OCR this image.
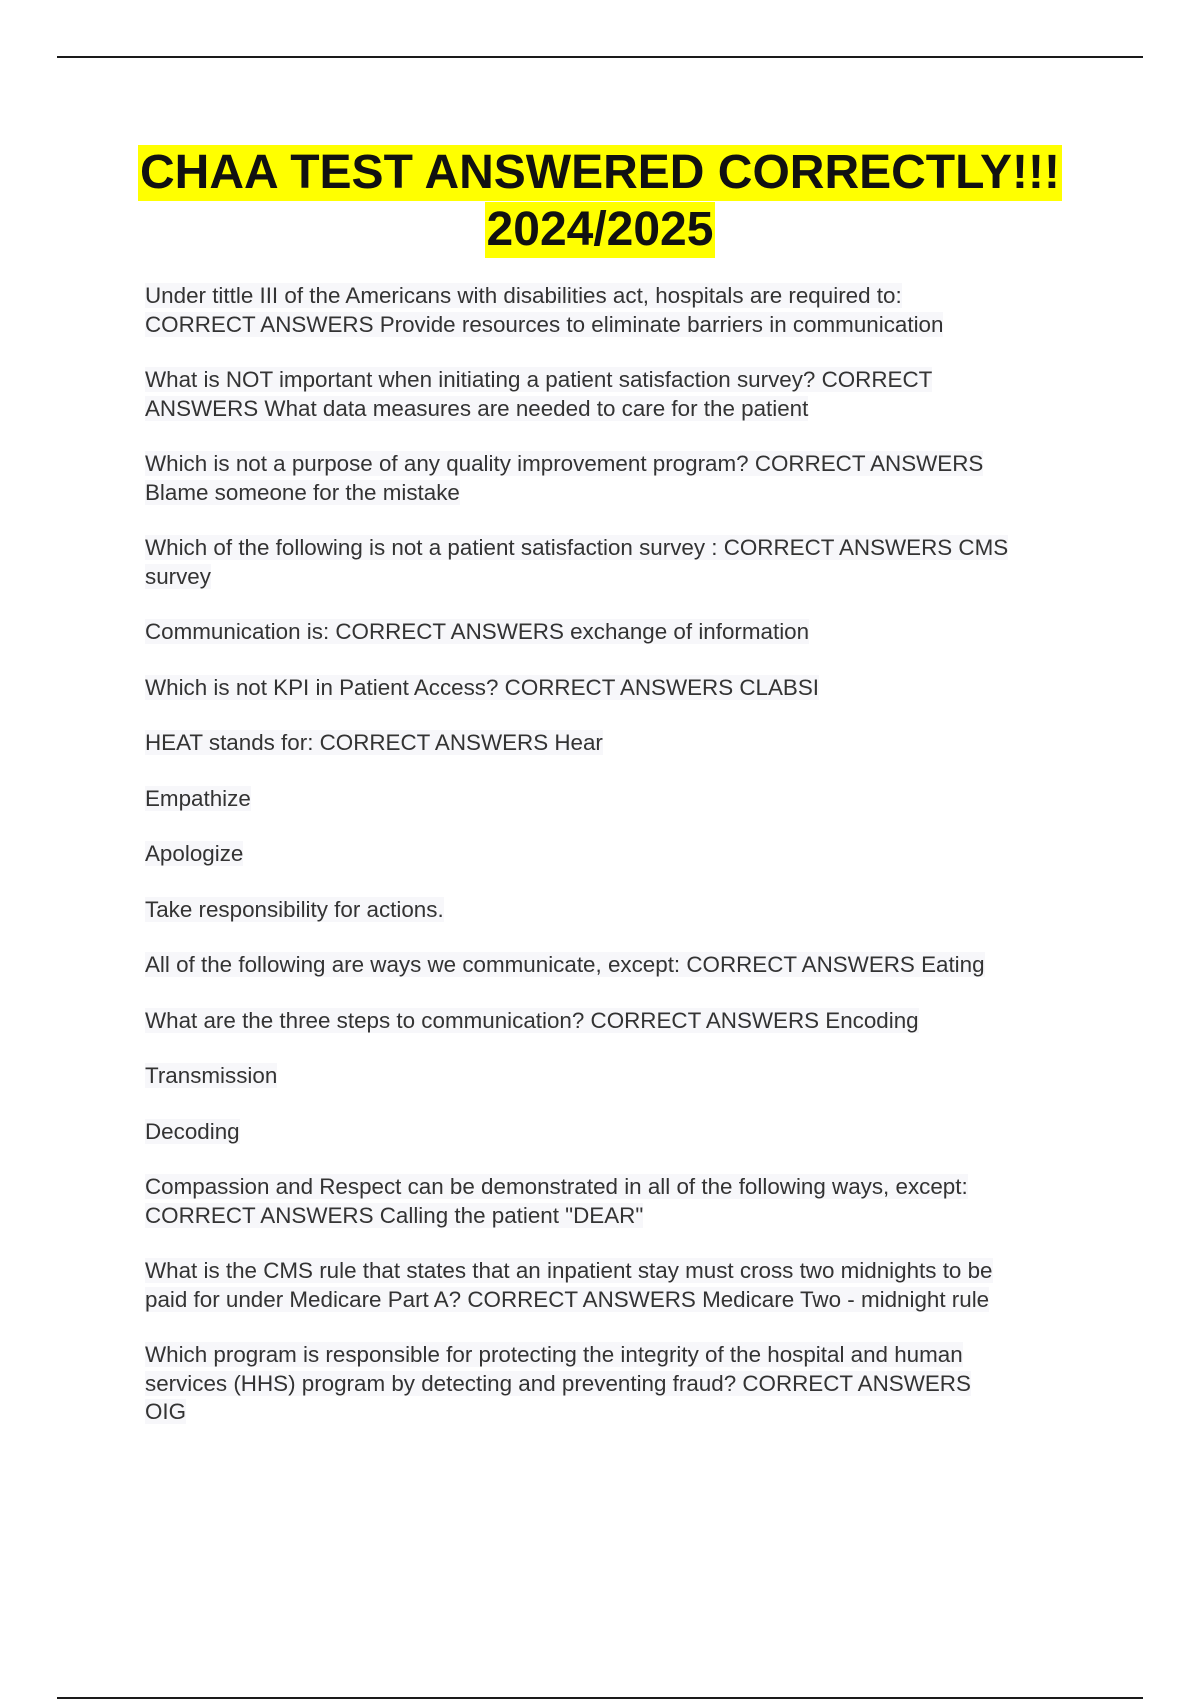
CHAA TEST ANSWERED CORRECTLY!!!
2024/2025
Under tittle III of the Americans with disabilities act, hospitals are required to:
CORRECT ANSWERS Provide resources to eliminate barriers in communication
What is NOT important when initiating a patient satisfaction survey? CORRECT
ANSWERS What data measures are needed to care for the patient
Which is not a purpose of any quality improvement program? CORRECT ANSWERS
Blame someone for the mistake
Which of the following is not a patient satisfaction survey : CORRECT ANSWERS CMS
survey
Communication is: CORRECT ANSWERS exchange of information
Which is not KPI in Patient Access? CORRECT ANSWERS CLABSI
HEAT stands for: CORRECT ANSWERS Hear
Empathize
Apologize
Take responsibility for actions.
All of the following are ways we communicate, except: CORRECT ANSWERS Eating
What are the three steps to communication? CORRECT ANSWERS Encoding
Transmission
Decoding
Compassion and Respect can be demonstrated in all of the following ways, except:
CORRECT ANSWERS Calling the patient "DEAR"
What is the CMS rule that states that an inpatient stay must cross two midnights to be
paid for under Medicare Part A? CORRECT ANSWERS Medicare Two - midnight rule
Which program is responsible for protecting the integrity of the hospital and human
services (HHS) program by detecting and preventing fraud? CORRECT ANSWERS
OIG
